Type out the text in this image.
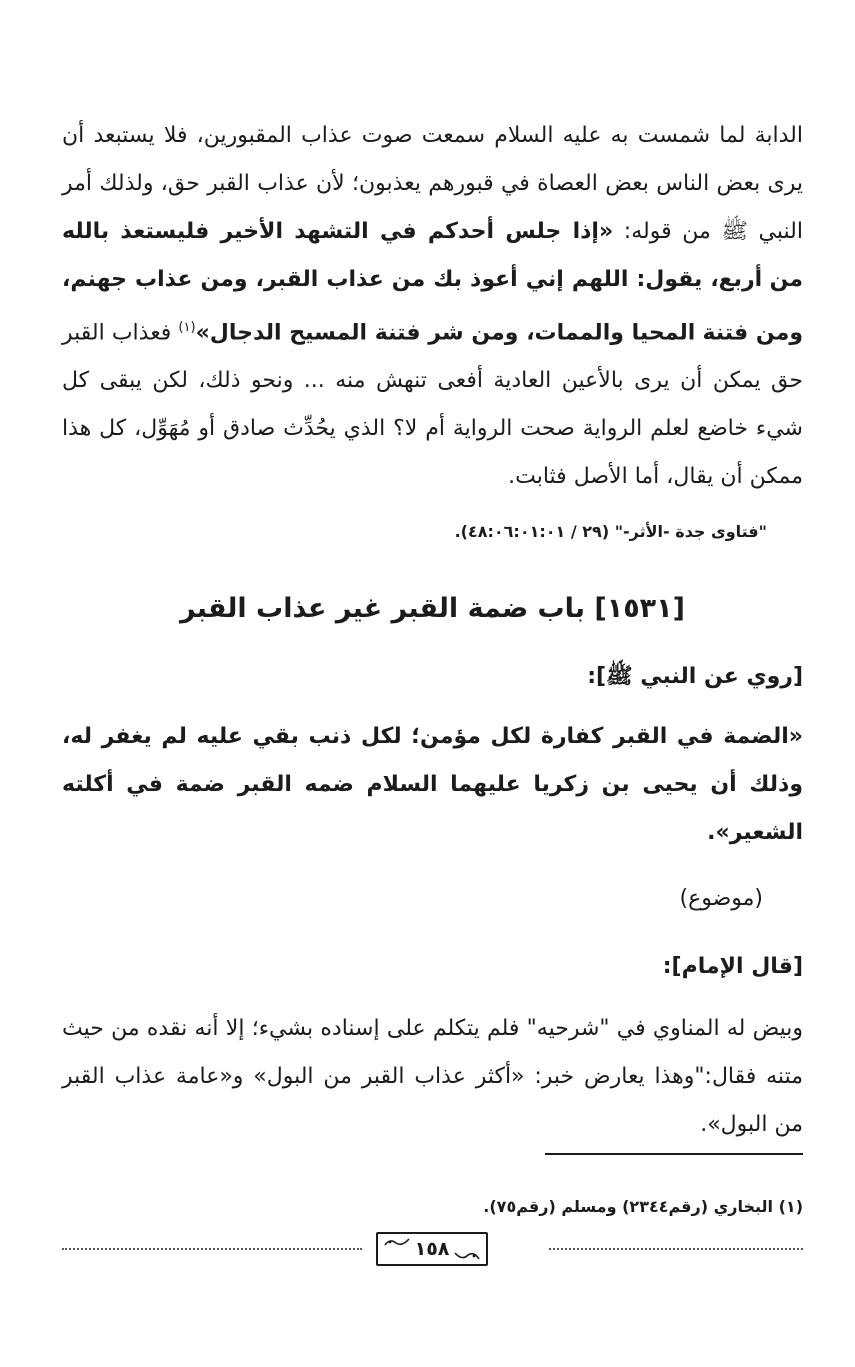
الدابة لما شمست به عليه السلام سمعت صوت عذاب المقبورين، فلا يستبعد أن يرى بعض الناس بعض العصاة في قبورهم يعذبون؛ لأن عذاب القبر حق، ولذلك أمر النبي ﷺ من قوله: «إذا جلس أحدكم في التشهد الأخير فليستعذ بالله من أربع، يقول: اللهم إني أعوذ بك من عذاب القبر، ومن عذاب جهنم، ومن فتنة المحيا والممات، ومن شر فتنة المسيح الدجال»$^{(١)}$ فعذاب القبر حق يمكن أن يرى بالأعين العادية أفعى تنهش منه ... ونحو ذلك، لكن يبقى كل شيء خاضع لعلم الرواية صحت الرواية أم لا؟ الذي يحُدِّث صادق أو مُهَوِّل، كل هذا ممكن أن يقال، أما الأصل فثابت.

"فتاوى جدة -الأثر-" (٢٩ / ٤٨:٠٦:٠١:٠١).

[١٥٣١] باب ضمة القبر غير عذاب القبر

[روي عن النبي ﷺ]:

«الضمة في القبر كفارة لكل مؤمن؛ لكل ذنب بقي عليه لم يغفر له، وذلك أن يحيى بن زكريا عليهما السلام ضمه القبر ضمة في أكلته الشعير».

(موضوع)

[قال الإمام]:

وبيض له المناوي في "شرحيه" فلم يتكلم على إسناده بشيء؛ إلا أنه نقده من حيث متنه فقال:"وهذا يعارض خبر: «أكثر عذاب القبر من البول» و«عامة عذاب القبر من البول».

(١) البخاري (رقم٢٣٤٤) ومسلم (رقم٧٥).

١٥٨
